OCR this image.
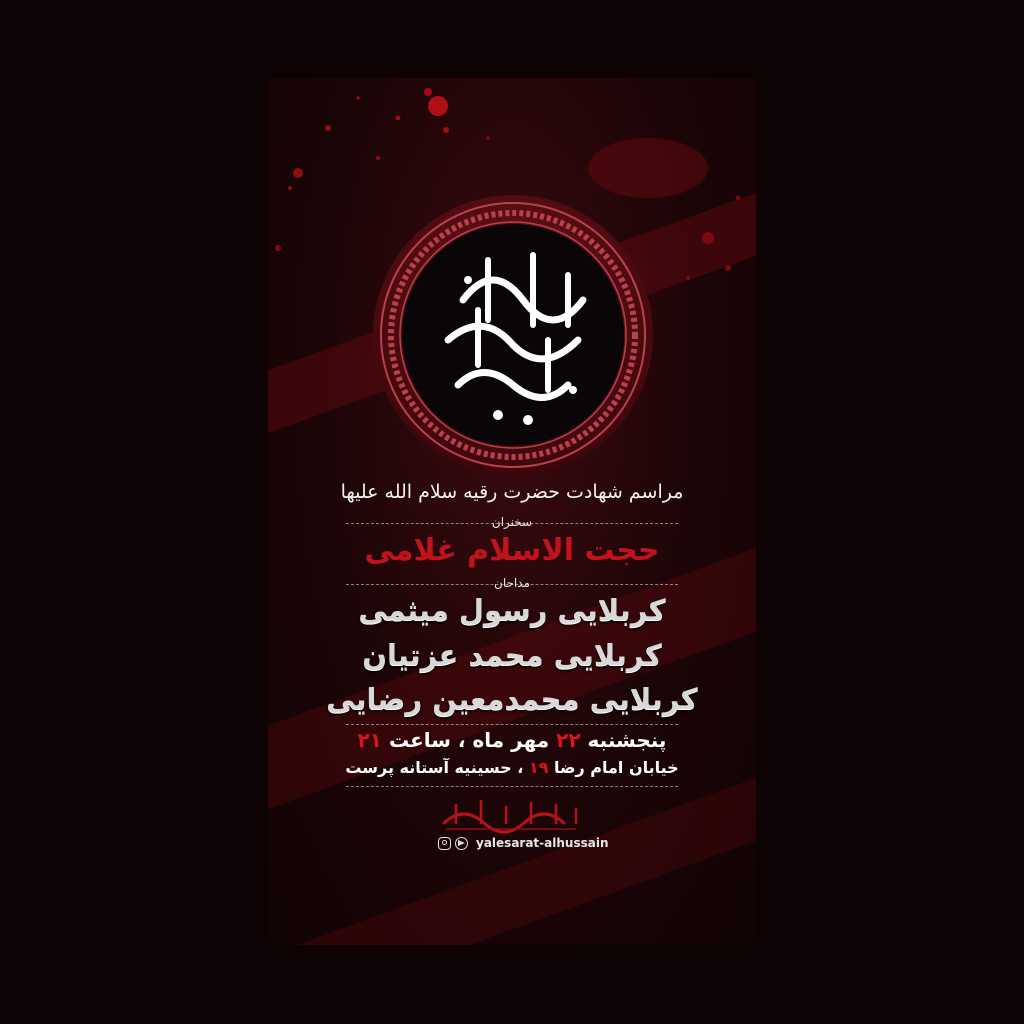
مراسم شهادت حضرت رقیه سلام الله علیها
سخنران
حجت الاسلام غلامی
مداحان
کربلایی رسول میثمی
کربلایی محمد عزتیان
کربلایی محمدمعین رضایی
پنجشنبه ۲۲ مهر ماه ، ساعت ۲۱
خیابان امام رضا ۱۹ ، حسینیه آستانه پرست
yalesarat-alhussain
